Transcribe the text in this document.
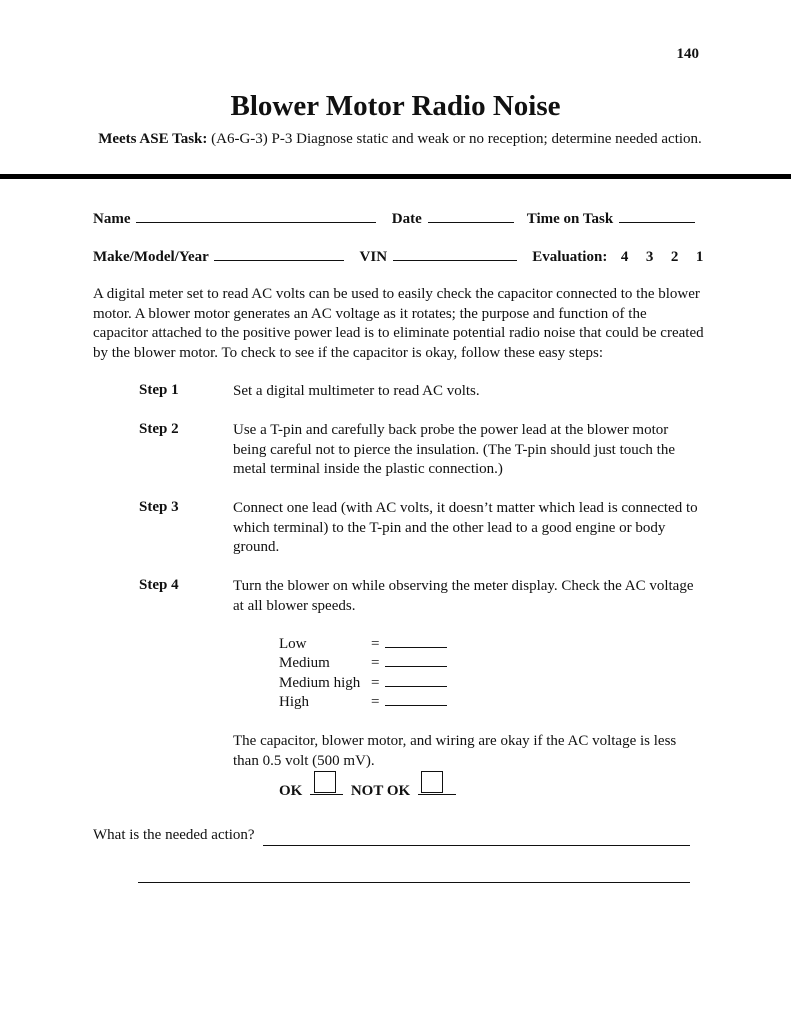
140
Blower Motor Radio Noise
Meets ASE Task: (A6-G-3) P-3 Diagnose static and weak or no reception; determine needed action.
Name	Date	Time on Task
Make/Model/Year	VIN	Evaluation: 4 3 2 1
A digital meter set to read AC volts can be used to easily check the capacitor connected to the blower motor. A blower motor generates an AC voltage as it rotates; the purpose and function of the capacitor attached to the positive power lead is to eliminate potential radio noise that could be created by the blower motor. To check to see if the capacitor is okay, follow these easy steps:
Step 1	Set a digital multimeter to read AC volts.
Step 2	Use a T-pin and carefully back probe the power lead at the blower motor being careful not to pierce the insulation. (The T-pin should just touch the metal terminal inside the plastic connection.)
Step 3	Connect one lead (with AC volts, it doesn’t matter which lead is connected to which terminal) to the T-pin and the other lead to a good engine or body ground.
Step 4	Turn the blower on while observing the meter display. Check the AC voltage at all blower speeds.
Low	=
Medium	=
Medium high =
High	=
The capacitor, blower motor, and wiring are okay if the AC voltage is less than 0.5 volt (500 mV).
OK	NOT OK
What is the needed action?
